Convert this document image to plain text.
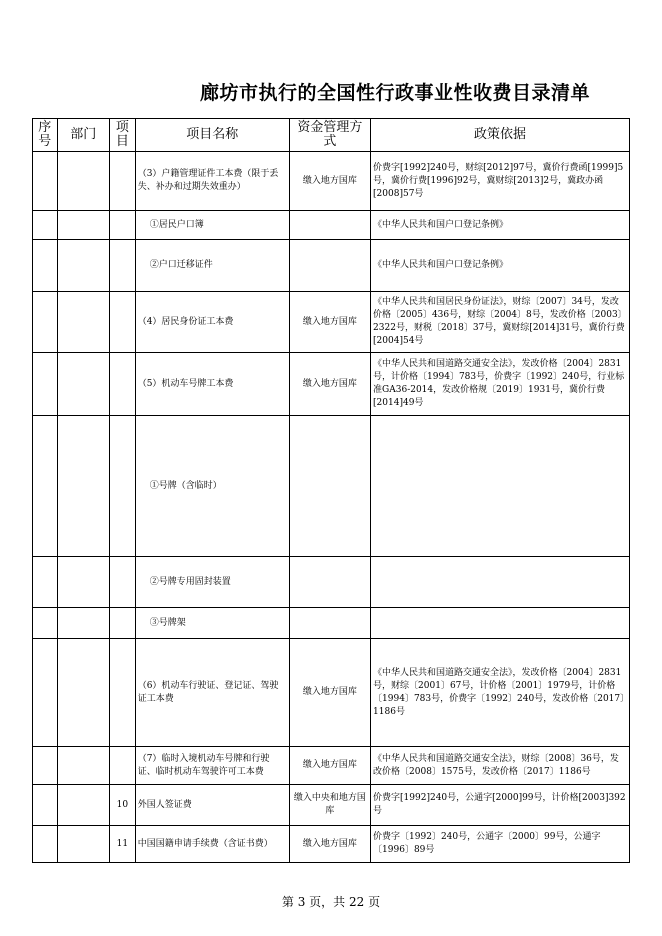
廊坊市执行的全国性行政事业性收费目录清单
序号	部门	项目	项目名称	资金管理方式	政策依据
			（3）户籍管理证件工本费（限于丢失、补办和过期失效重办）	缴入地方国库	价费字[1992]240号，财综[2012]97号，冀价行费函[1999]5号，冀价行费[1996]92号，冀财综[2013]2号，冀政办函[2008]57号
			①居民户口簿		《中华人民共和国户口登记条例》
			②户口迁移证件		《中华人民共和国户口登记条例》
			（4）居民身份证工本费	缴入地方国库	《中华人民共和国居民身份证法》，财综〔2007〕34号，发改价格〔2005〕436号，财综〔2004〕8号，发改价格〔2003〕2322号，财税〔2018〕37号，冀财综[2014]31号，冀价行费[2004]54号
			（5）机动车号牌工本费	缴入地方国库	《中华人民共和国道路交通安全法》，发改价格〔2004〕2831号，计价格〔1994〕783号，价费字〔1992〕240号，行业标准GA36-2014，发改价格规〔2019〕1931号，冀价行费[2014]49号
			①号牌（含临时）		
			②号牌专用固封装置		
			③号牌架		
			（6）机动车行驶证、登记证、驾驶证工本费	缴入地方国库	《中华人民共和国道路交通安全法》，发改价格〔2004〕2831号，财综〔2001〕67号，计价格〔2001〕1979号，计价格〔1994〕783号，价费字〔1992〕240号，发改价格〔2017〕1186号
			（7）临时入境机动车号牌和行驶证、临时机动车驾驶许可工本费	缴入地方国库	《中华人民共和国道路交通安全法》，财综〔2008〕36号，发改价格〔2008〕1575号，发改价格〔2017〕1186号
		10	外国人签证费	缴入中央和地方国库	价费字[1992]240号，公通字[2000]99号，计价格[2003]392号
		11	中国国籍申请手续费（含证书费）	缴入地方国库	价费字〔1992〕240号，公通字〔2000〕99号，公通字〔1996〕89号
第 3 页，共 22 页
